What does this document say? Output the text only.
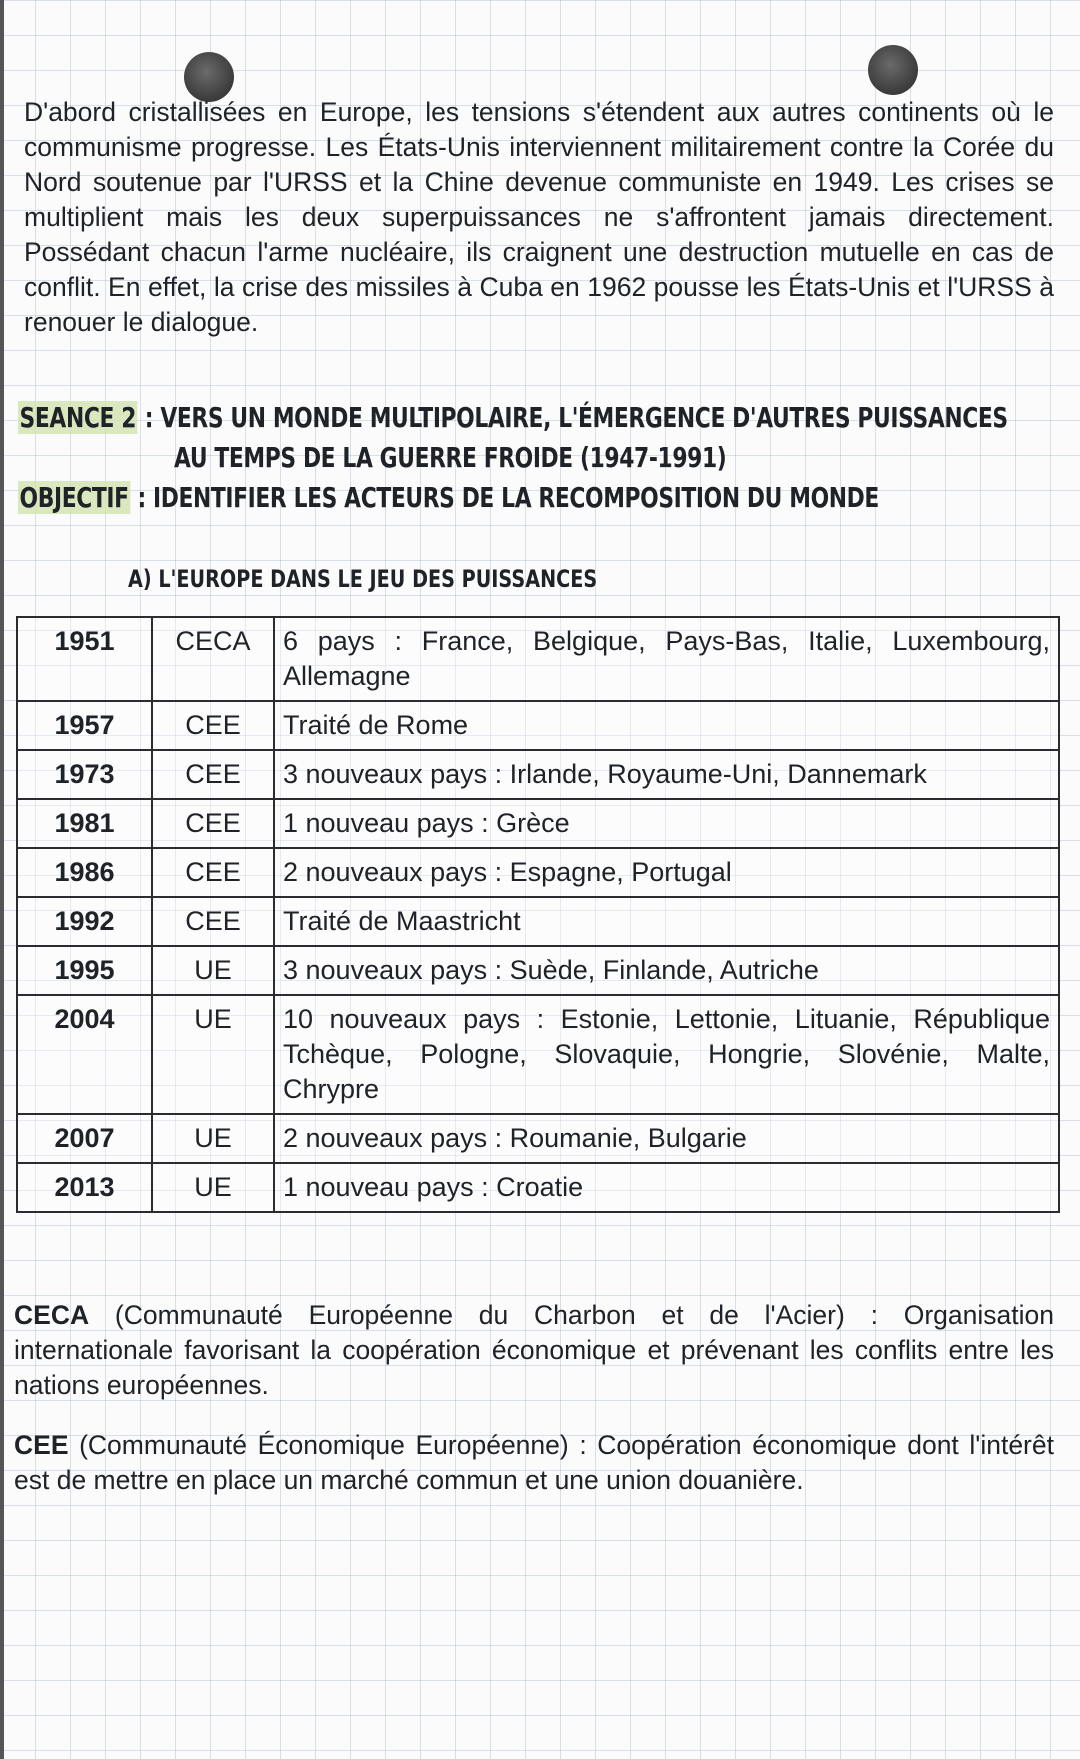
D'abord cristallisées en Europe, les tensions s'étendent aux autres continents où le communisme progresse. Les États-Unis interviennent militairement contre la Corée du Nord soutenue par l'URSS et la Chine devenue communiste en 1949. Les crises se multiplient mais les deux superpuissances ne s'affrontent jamais directement. Possédant chacun l'arme nucléaire, ils craignent une destruction mutuelle en cas de conflit. En effet, la crise des missiles à Cuba en 1962 pousse les États-Unis et l'URSS à renouer le dialogue.

SEANCE 2 : VERS UN MONDE MULTIPOLAIRE, L'ÉMERGENCE D'AUTRES PUISSANCES
AU TEMPS DE LA GUERRE FROIDE (1947-1991)
OBJECTIF : IDENTIFIER LES ACTEURS DE LA RECOMPOSITION DU MONDE
A) L'EUROPE DANS LE JEU DES PUISSANCES
1951	CECA	6 pays : France, Belgique, Pays-Bas, Italie, Luxembourg, Allemagne
1957	CEE	Traité de Rome
1973	CEE	3 nouveaux pays : Irlande, Royaume-Uni, Dannemark
1981	CEE	1 nouveau pays : Grèce
1986	CEE	2 nouveaux pays : Espagne, Portugal
1992	CEE	Traité de Maastricht
1995	UE	3 nouveaux pays : Suède, Finlande, Autriche
2004	UE	10 nouveaux pays : Estonie, Lettonie, Lituanie, République Tchèque, Pologne, Slovaquie, Hongrie, Slovénie, Malte, Chrypre
2007	UE	2 nouveaux pays : Roumanie, Bulgarie
2013	UE	1 nouveau pays : Croatie

CECA (Communauté Européenne du Charbon et de l'Acier) : Organisation internationale favorisant la coopération économique et prévenant les conflits entre les nations européennes.

CEE (Communauté Économique Européenne) : Coopération économique dont l'intérêt est de mettre en place un marché commun et une union douanière.
